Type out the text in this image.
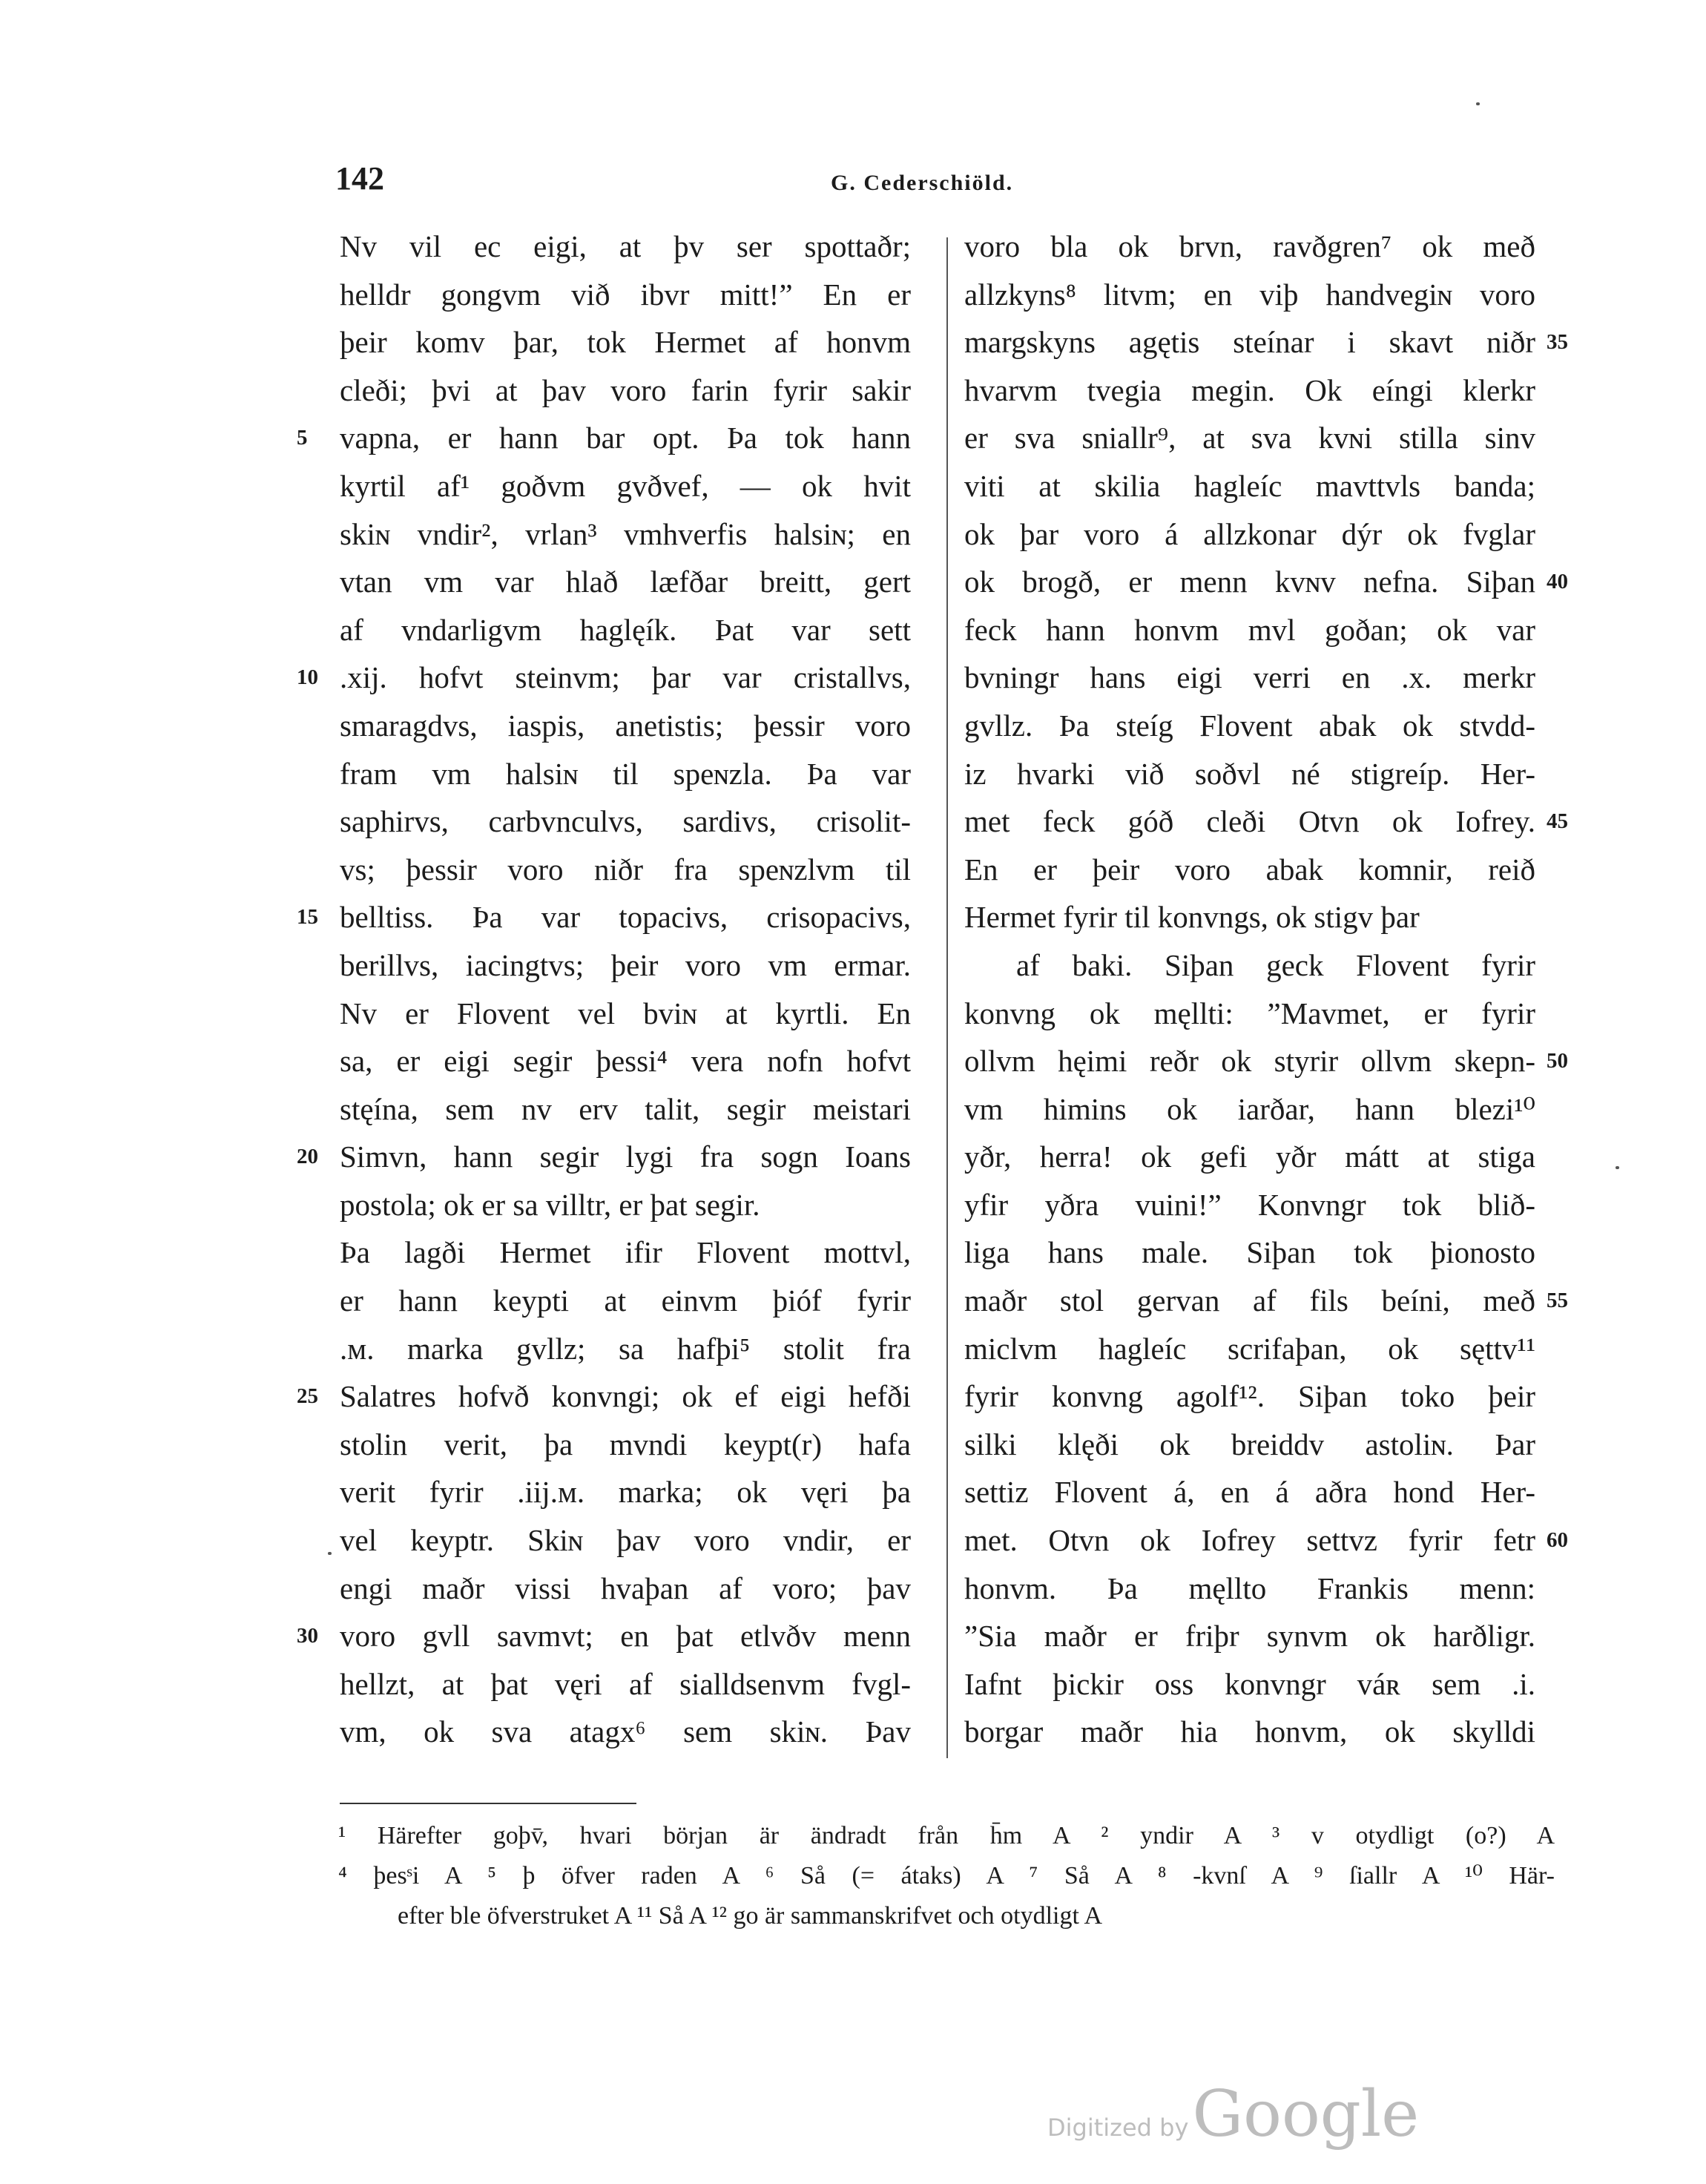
142	G. Cederschiöld.
Nv vil ec eigi, at þv ser spottaðr;
helldr gongvm við ibvr mitt!” En er
þeir komv þar, tok Hermet af honvm
cleði; þvi at þav voro farin fyrir sakir
vapna, er hann bar opt. Þa tok hann
5
kyrtil af¹ goðvm gvðvef, — ok hvit
skiɴ vndir², vrlan³ vmhverfis halsiɴ; en
vtan vm var hlað læfðar breitt, gert
af vndarligvm haglęík. Þat var sett
.xij. hofvt steinvm; þar var cristallvs,
10
smaragdvs, iaspis, anetistis; þessir voro
fram vm halsiɴ til speɴzla. Þa var
saphirvs, carbvnculvs, sardivs, crisolit-
vs; þessir voro niðr fra speɴzlvm til
belltiss. Þa var topacivs, crisopacivs,
15
berillvs, iacingtvs; þeir voro vm ermar.
Nv er Flovent vel bviɴ at kyrtli. En
sa, er eigi segir þessi⁴ vera nofn hofvt
stęína, sem nv erv talit, segir meistari
Simvn, hann segir lygi fra sogn Ioans
20
postola; ok er sa villtr, er þat segir.
Þa lagði Hermet ifir Flovent mottvl,
er hann keypti at einvm þióf fyrir
.ᴍ. marka gvllz; sa hafþi⁵ stolit fra
Salatres hofvð konvngi; ok ef eigi hefði
25
stolin verit, þa mvndi keypt(r) hafa
verit fyrir .iij.ᴍ. marka; ok vęri þa
vel keyptr. Skiɴ þav voro vndir, er
engi maðr vissi hvaþan af voro; þav
voro gvll savmvt; en þat etlvðv menn
30
hellzt, at þat vęri af sialldsenvm fvgl-
vm, ok sva atagx⁶ sem skiɴ. Þav
voro bla ok brvn, ravðgren⁷ ok með
allzkyns⁸ litvm; en viþ handvegiɴ voro
margskyns agętis steínar i skavt niðr 35
hvarvm tvegia megin. Ok eíngi klerkr
er sva sniallr⁹, at sva kvɴi stilla sinv
viti at skilia hagleíc mavttvls banda;
ok þar voro á allzkonar dýr ok fvglar
ok brogð, er menn kvɴv nefna. Siþan 40
feck hann honvm mvl goðan; ok var
bvningr hans eigi verri en .x. merkr
gvllz. Þa steíg Flovent abak ok stvdd-
iz hvarki við soðvl né stigreíp. Her-
met feck góð cleði Otvn ok Iofrey. 45
En er þeir voro abak komnir, reið
Hermet fyrir til konvngs, ok stigv þar
af baki. Siþan geck Flovent fyrir
konvng ok męllti: ”Mavmet, er fyrir
ollvm hęimi reðr ok styrir ollvm skepn- 50
vm himins ok iarðar, hann blezi¹⁰
yðr, herra! ok gefi yðr mátt at stiga
yfir yðra vuini!” Konvngr tok blið-
liga hans male. Siþan tok þionosto
maðr stol gervan af fils beíni, með 55
miclvm hagleíc scrifaþan, ok sęttv¹¹
fyrir konvng agolf¹². Siþan toko þeir
silki klęði ok breiddv astoliɴ. Þar
settiz Flovent á, en á aðra hond Her-
met. Otvn ok Iofrey settvz fyrir fetr 60
honvm. Þa męllto Frankis menn:
”Sia maðr er friþr synvm ok harðligr.
Iafnt þickir oss konvngr váʀ sem .i.
borgar maðr hia honvm, ok skylldi
¹ Härefter goþv̄, hvari början är ändradt från h̄m A ² yndir A ³ v otydligt (o?) A
⁴ þesˢi A ⁵ þ öfver raden A ⁶ Så (= átaks) A ⁷ Så A ⁸ -kvnſ A ⁹ ſiallr A ¹⁰ Här-
efter ble öfverstruket A ¹¹ Så A ¹² go är sammanskrifvet och otydligt A
Digitized by Google
